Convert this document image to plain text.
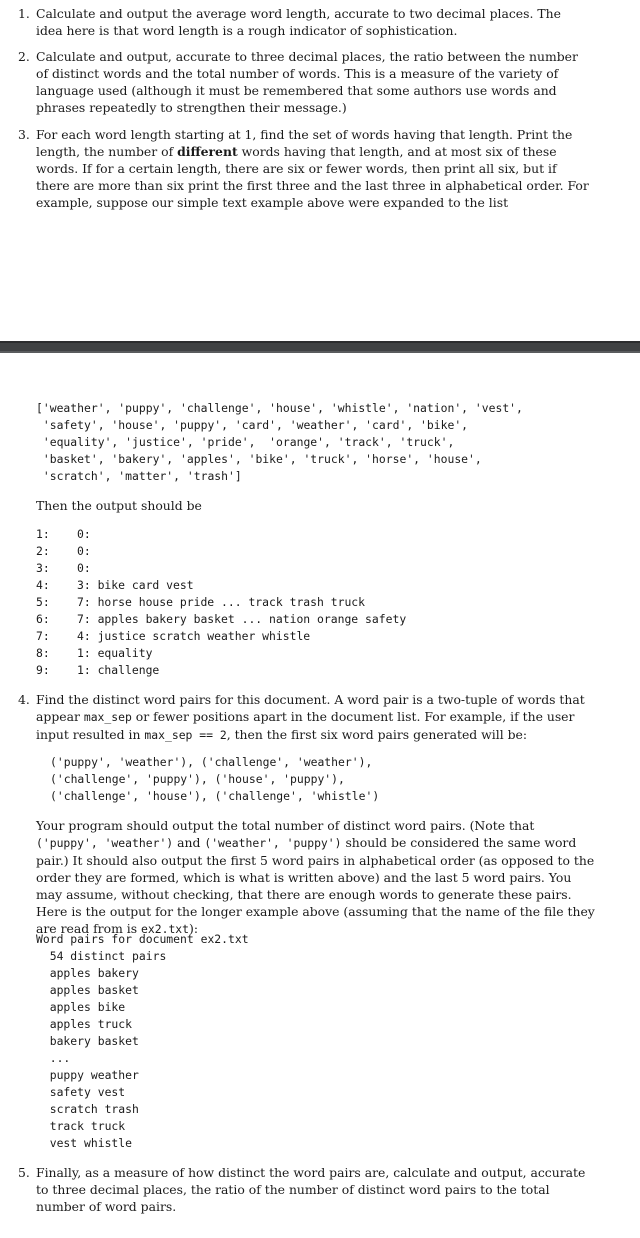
1. Calculate and output the average word length, accurate to two decimal places. The idea here is that word length is a rough indicator of sophistication.
2. Calculate and output, accurate to three decimal places, the ratio between the number of distinct words and the total number of words. This is a measure of the variety of language used (although it must be remembered that some authors use words and phrases repeatedly to strengthen their message.)
3. For each word length starting at 1, find the set of words having that length. Print the length, the number of different words having that length, and at most six of these words. If for a certain length, there are six or fewer words, then print all six, but if there are more than six print the first three and the last three in alphabetical order. For example, suppose our simple text example above were expanded to the list
['weather', 'puppy', 'challenge', 'house', 'whistle', 'nation', 'vest',
'safety', 'house', 'puppy', 'card', 'weather', 'card', 'bike',
'equality', 'justice', 'pride',  'orange', 'track', 'truck',
'basket', 'bakery', 'apples', 'bike', 'truck', 'horse', 'house',
'scratch', 'matter', 'trash']
Then the output should be
1: 0:
2: 0:
3: 0:
4: 3: bike card vest
5: 7: horse house pride ... track trash truck
6: 7: apples bakery basket ... nation orange safety
7: 4: justice scratch weather whistle
8: 1: equality
9: 1: challenge
4. Find the distinct word pairs for this document. A word pair is a two-tuple of words that appear max_sep or fewer positions apart in the document list. For example, if the user input resulted in max_sep == 2, then the first six word pairs generated will be:
('puppy', 'weather'), ('challenge', 'weather'),
('challenge', 'puppy'), ('house', 'puppy'),
('challenge', 'house'), ('challenge', 'whistle')
Your program should output the total number of distinct word pairs. (Note that ('puppy', 'weather') and ('weather', 'puppy') should be considered the same word pair.) It should also output the first 5 word pairs in alphabetical order (as opposed to the order they are formed, which is what is written above) and the last 5 word pairs. You may assume, without checking, that there are enough words to generate these pairs. Here is the output for the longer example above (assuming that the name of the file they are read from is ex2.txt):
Word pairs for document ex2.txt
54 distinct pairs
apples bakery
apples basket
apples bike
apples truck
bakery basket
...
puppy weather
safety vest
scratch trash
track truck
vest whistle
5. Finally, as a measure of how distinct the word pairs are, calculate and output, accurate to three decimal places, the ratio of the number of distinct word pairs to the total number of word pairs.
